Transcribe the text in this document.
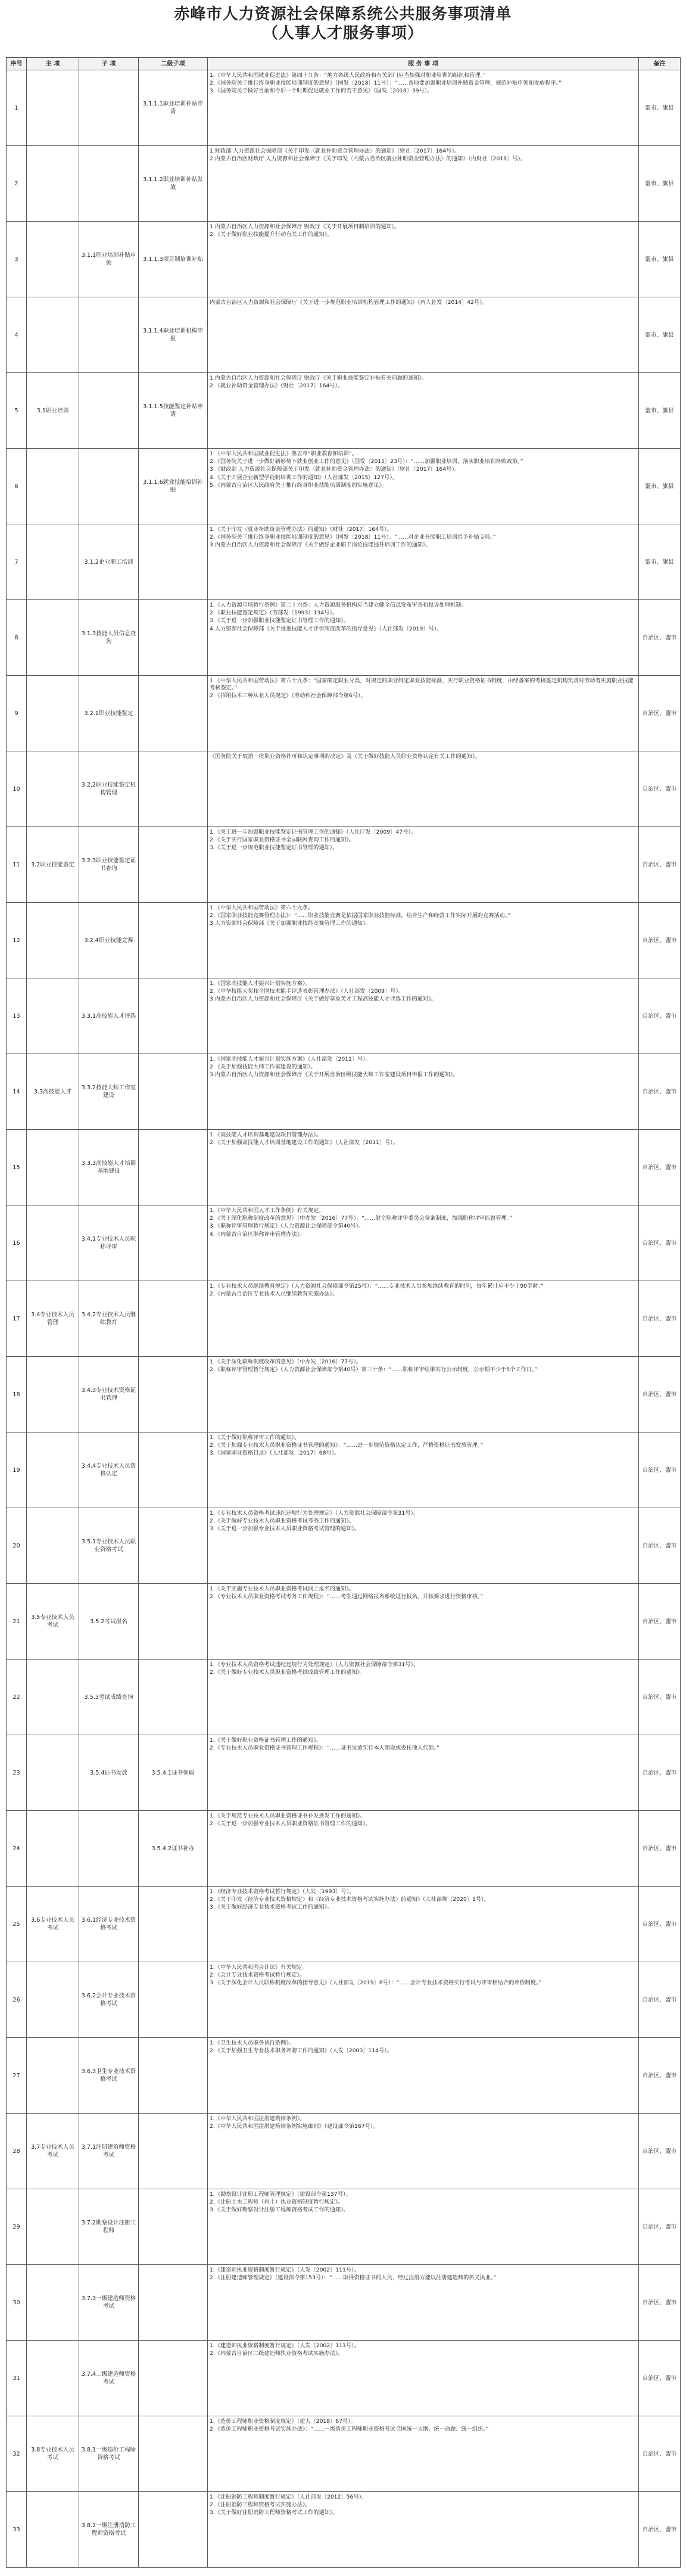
赤峰市人力资源社会保障系统公共服务事项清单
（人事人才服务事项）
序号	主 项	子 项	二级子项	服 务 事 项	备注
1			3.1.1.1职业培训补贴申请	1.《中华人民共和国就业促进法》第四十九条：“地方各级人民政府和有关部门应当加强对职业培训的组织和管理。”

2.《国务院关于推行终身职业技能培训制度的意见》（国发〔2018〕11号）：“……各地要加强职业培训补贴资金管理，规范补贴申领和发放程序。”

3.《国务院关于做好当前和今后一个时期促进就业工作的若干意见》（国发〔2018〕39号）。	盟市、旗县
2			3.1.1.2职业培训补贴发放	1.财政部 人力资源社会保障部《关于印发〈就业补助资金管理办法〉的通知》（财社〔2017〕164号）。

2.内蒙古自治区财政厅 人力资源和社会保障厅《关于印发〈内蒙古自治区就业补助资金管理办法〉的通知》（内财社〔2018〕号）。	盟市、旗县
3		3.1.1职业培训补贴申领	3.1.1.3项目制培训补贴	1.内蒙古自治区人力资源和社会保障厅 财政厅《关于开展项目制培训的通知》。

2.《关于做好职业技能提升行动有关工作的通知》。	盟市、旗县
4			3.1.1.4职业培训机构申报	内蒙古自治区人力资源和社会保障厅《关于进一步规范职业培训机构管理工作的通知》（内人社发〔2014〕42号）。	盟市、旗县
5	3.1职业培训		3.1.1.5技能鉴定补贴申请	1.内蒙古自治区人力资源和社会保障厅 财政厅《关于职业技能鉴定补贴有关问题的通知》。

2.《就业补助资金管理办法》（财社〔2017〕164号）。	盟市、旗县
6			3.1.1.6就业技能培训补贴	1.《中华人民共和国就业促进法》第五章“职业教育和培训”。

2.《国务院关于进一步做好新形势下就业创业工作的意见》（国发〔2015〕23号）：“……加强职业培训，落实职业培训补贴政策。”

3.《财政部 人力资源社会保障部关于印发〈就业补助资金管理办法〉的通知》（财社〔2017〕164号）。

4.《关于开展企业新型学徒制培训工作的通知》（人社部发〔2015〕127号）。

5.《内蒙古自治区人民政府关于推行终身职业技能培训制度的实施意见》。	盟市、旗县
7		3.1.2企业职工培训		1.《关于印发〈就业补助资金管理办法〉的通知》（财社〔2017〕164号）。

2.《国务院关于推行终身职业技能培训制度的意见》（国发〔2018〕11号）：“……对企业开展职工培训给予补贴支持。”

3.内蒙古自治区人力资源和社会保障厅《关于做好企业职工岗位技能提升培训工作的通知》。	盟市、旗县
8		3.1.3技能人员信息查询		1.《人力资源市场暂行条例》第二十六条：人力资源服务机构应当建立健全信息发布审查和投诉处理机制。

2.《职业技能鉴定规定》（劳部发〔1993〕134号）。

3.《关于进一步加强职业技能鉴定证书管理工作的通知》。

4.人力资源社会保障部《关于推进技能人才评价制度改革的指导意见》（人社部发〔2019〕号）。	自治区、盟市
9		3.2.1职业技能鉴定		1.《中华人民共和国劳动法》第六十九条：“国家确定职业分类，对规定的职业制定职业技能标准，实行职业资格证书制度，由经备案的考核鉴定机构负责对劳动者实施职业技能考核鉴定。”

2.《招用技术工种从业人员规定》（劳动和社会保障部令第6号）。	自治区、盟市
10		3.2.2职业技能鉴定机构管理		《国务院关于取消一批职业资格许可和认定事项的决定》及《关于做好技能人员职业资格认定有关工作的通知》。	自治区、盟市
11	3.2职业技能鉴定	3.2.3职业技能鉴定证书查询		1.《关于进一步加强职业技能鉴定证书管理工作的通知》（人社厅发〔2009〕47号）。

2.《关于实行国家职业资格证书全国联网查询工作的通知》。

3.《关于进一步规范职业技能鉴定证书管理的通知》。	自治区、盟市
12		3.2.4职业技能竞赛		1.《中华人民共和国劳动法》第六十九条。

2.《国家职业技能竞赛管理办法》：“……职业技能竞赛是依据国家职业技能标准，结合生产和经营工作实际开展的竞赛活动。”

3.人力资源社会保障部《关于加强职业技能竞赛管理工作的通知》。	自治区、盟市
13		3.3.1高技能人才评选		1.《国家高技能人才振兴计划实施方案》。

2.《中华技能大奖和全国技术能手评选表彰管理办法》（人社部发〔2009〕号）。

3.内蒙古自治区人力资源和社会保障厅《关于做好草原英才工程高技能人才评选工作的通知》。	自治区、盟市
14	3.3高技能人才	3.3.2技能大师工作室建设		1.《国家高技能人才振兴计划实施方案》（人社部发〔2011〕号）。

2.《关于加强技能大师工作室建设的通知》。

3.内蒙古自治区人力资源和社会保障厅《关于开展自治区级技能大师工作室建设项目申报工作的通知》。	自治区、盟市
15		3.3.3高技能人才培训基地建设		1.《高技能人才培训基地建设项目管理办法》。

2.《关于加强高技能人才培训基地建设工作的通知》（人社部发〔2011〕号）。	自治区、盟市
16		3.4.1专业技术人员职称评审		1.《中华人民共和国人才工作条例》有关规定。

2.《关于深化职称制度改革的意见》（中办发〔2016〕77号）：“……健全职称评审委员会备案制度，加强职称评审监督管理。”

3.《职称评审管理暂行规定》（人力资源社会保障部令第40号）。

4.《内蒙古自治区职称评审管理办法》。	自治区、盟市
17	3.4专业技术人员管理	3.4.2专业技术人员继续教育		1.《专业技术人员继续教育规定》（人力资源社会保障部令第25号）：“……专业技术人员参加继续教育的时间，每年累计应不少于90学时。”

2.《内蒙古自治区专业技术人员继续教育实施办法》。	自治区、盟市
18		3.4.3专业技术资格证书管理		1.《关于深化职称制度改革的意见》（中办发〔2016〕77号）。

2.《职称评审管理暂行规定》（人力资源社会保障部令第40号）第三十条：“……职称评审结果实行公示制度，公示期不少于5个工作日。”	自治区、盟市
19		3.4.4专业技术人员资格认定		1.《关于做好职称评审工作的通知》。

2.《关于加强专业技术人员职业资格证书管理的通知》：“……进一步规范资格认定工作，严格资格证书发放管理。”

3.《国家职业资格目录》（人社部发〔2017〕68号）。	自治区、盟市
20		3.5.1专业技术人员职业资格考试		1.《专业技术人员资格考试违纪违规行为处理规定》（人力资源社会保障部令第31号）。

2.《关于做好专业技术人员职业资格考试考务工作的通知》。

3.《关于进一步加强专业技术人员职业资格考试管理的通知》。	自治区、盟市
21	3.5专业技术人员考试	3.5.2考试报名		1.《关于实施专业技术人员职业资格考试网上报名的通知》。

2.《专业技术人员职业资格考试考务工作规程》：“……考生通过网络报名系统进行报名，并按要求进行资格审核。”	自治区、盟市
22		3.5.3考试成绩查询		1.《专业技术人员资格考试违纪违规行为处理规定》（人力资源社会保障部令第31号）。

2.《关于做好专业技术人员职业资格考试成绩管理工作的通知》。	自治区、盟市
23		3.5.4证书发放	3.5.4.1证书领取	1.《关于做好职业资格证书管理工作的通知》。

2.《专业技术人员职业资格证书管理工作规程》：“……证书发放实行本人领取或委托他人代领。”	自治区、盟市
24			3.5.4.2证书补办	1.《关于规范专业技术人员职业资格证书补发换发工作的通知》。

2.《关于进一步加强专业技术人员职业资格证书管理工作的通知》。	自治区、盟市
25	3.6专业技术人员考试	3.6.1经济专业技术资格考试		1.《经济专业技术资格考试暂行规定》（人发〔1993〕号）。

2.《关于印发〈经济专业技术资格规定〉和〈经济专业技术资格考试实施办法〉的通知》（人社部规〔2020〕1号）。

3.《关于做好经济专业技术资格考试工作的通知》。	自治区、盟市
26		3.6.2会计专业技术资格考试		1.《中华人民共和国会计法》有关规定。

2.《会计专业技术资格考试暂行规定》。

3.《关于深化会计人员职称制度改革的指导意见》（人社部发〔2019〕8号）：“……会计专业技术资格实行考试与评审相结合的评价制度。”	自治区、盟市
27		3.6.3卫生专业技术资格考试		1.《卫生技术人员职务试行条例》。

2.《关于加强卫生专业技术职务评聘工作的通知》（人发〔2000〕114号）。	自治区、盟市
28	3.7专业技术人员考试	3.7.1注册建筑师资格考试		1.《中华人民共和国注册建筑师条例》。

2.《中华人民共和国注册建筑师条例实施细则》（建设部令第167号）。	自治区、盟市
29		3.7.2勘察设计注册工程师		1.《勘察设计注册工程师管理规定》（建设部令第137号）。

2.《注册土木工程师（岩土）执业资格制度暂行规定》。

3.《关于做好勘察设计注册工程师资格考试工作的通知》。	自治区、盟市
30		3.7.3一级建造师资格考试		1.《建造师执业资格制度暂行规定》（人发〔2002〕111号）。

2.《注册建造师管理规定》（建设部令第153号）：“……取得资格证书的人员，经过注册方能以注册建造师的名义执业。”	自治区、盟市
31		3.7.4二级建造师资格考试		1.《建造师执业资格制度暂行规定》（人发〔2002〕111号）。

2.《内蒙古自治区二级建造师执业资格考试实施办法》。	自治区、盟市
32	3.8专业技术人员考试	3.8.1一级造价工程师资格考试		1.《造价工程师职业资格制度规定》（建人〔2018〕67号）。

2.《造价工程师职业资格考试实施办法》：“……一级造价工程师职业资格考试全国统一大纲、统一命题、统一组织。”	自治区、盟市
33		3.8.2一级注册消防工程师资格考试		1.《注册消防工程师制度暂行规定》（人社部发〔2012〕56号）。

2.《注册消防工程师资格考试实施办法》。

3.《关于做好注册消防工程师资格考试工作的通知》。	自治区、盟市
